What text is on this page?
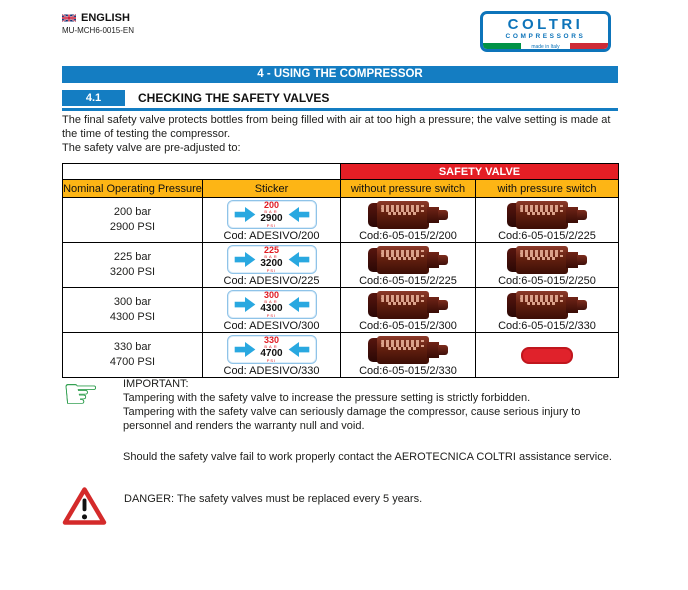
ENGLISH
MU-MCH6-0015-EN	COLTRI
COMPRESSORS
made in Italy
4 - USING THE COMPRESSOR
4.1	CHECKING THE SAFETY VALVES
The final safety valve protects bottles from being filled with air at too high a pressure; the valve setting is made at the time of testing the compressor.
The safety valve are pre-adjusted to:
		SAFETY VALVE	
Nominal Operating Pressure	Sticker	without pressure switch	with pressure switch

200 bar
2900 PSI

200
BAR
2900
PSI
Cod: ADESIVO/200	Cod:6-05-015/2/200	Cod:6-05-015/2/225

225 bar
3200 PSI

225
BAR
3200
PSI
Cod: ADESIVO/225	Cod:6-05-015/2/225	Cod:6-05-015/2/250

300 bar
4300 PSI

300
BAR
4300
PSI
Cod: ADESIVO/300	Cod:6-05-015/2/300	Cod:6-05-015/2/330

330 bar
4700 PSI

330
BAR
4700
PSI
Cod: ADESIVO/330	Cod:6-05-015/2/330

☞	IMPORTANT:
Tampering with the safety valve to increase the pressure setting is strictly forbidden.
Tampering with the safety valve can seriously damage the compressor, cause serious injury to personnel and renders the warranty null and void.
Should the safety valve fail to work properly contact the AEROTECNICA COLTRI assistance service.
DANGER: The safety valves must be replaced every 5 years.
